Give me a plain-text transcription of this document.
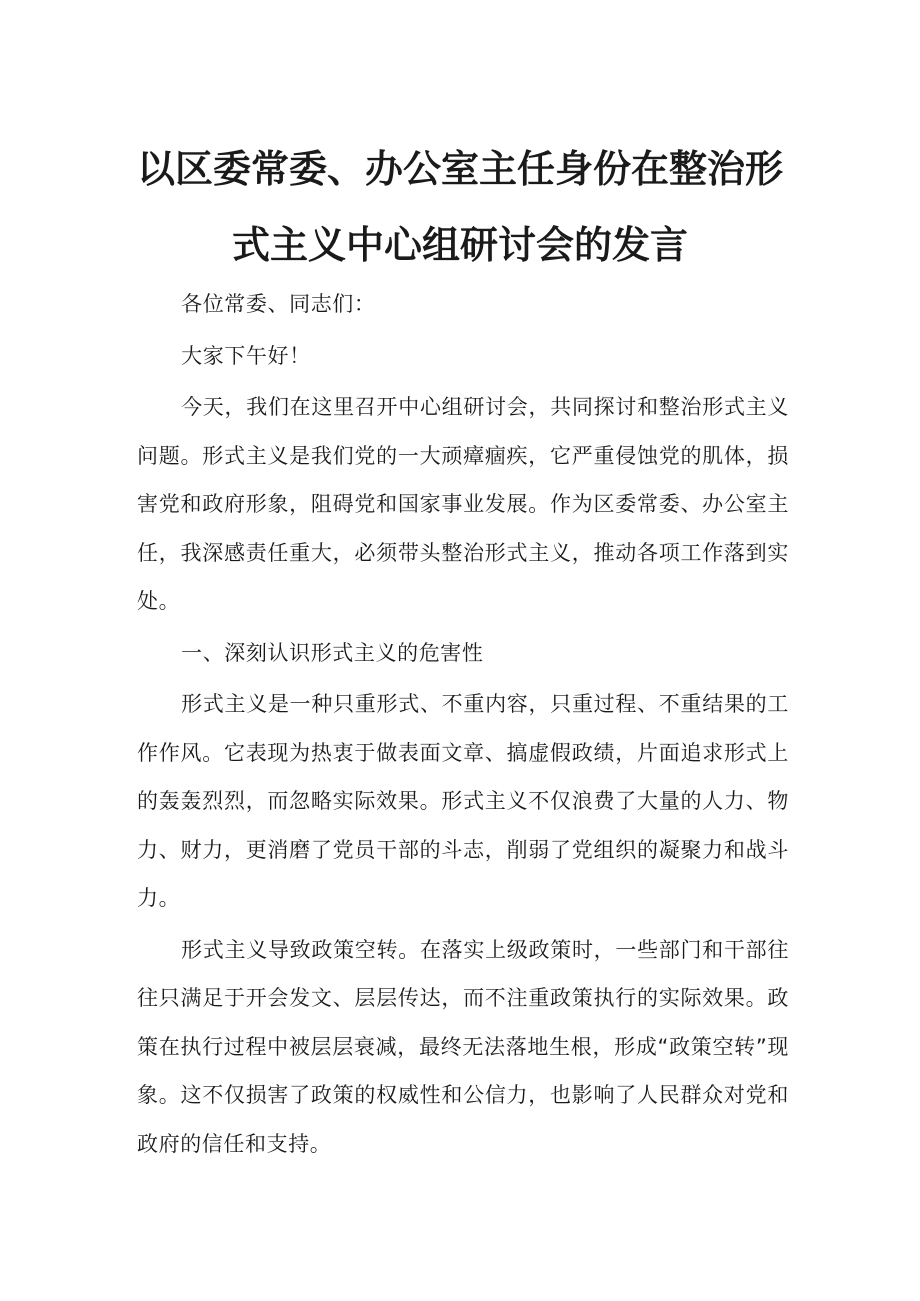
以区委常委、办公室主任身份在整治形
式主义中心组研讨会的发言

各位常委、同志们：

大家下午好！

今天，我们在这里召开中心组研讨会，共同探讨和整治形式主义问题。形式主义是我们党的一大顽瘴痼疾，它严重侵蚀党的肌体，损害党和政府形象，阻碍党和国家事业发展。作为区委常委、办公室主任，我深感责任重大，必须带头整治形式主义，推动各项工作落到实处。

一、深刻认识形式主义的危害性

形式主义是一种只重形式、不重内容，只重过程、不重结果的工作作风。它表现为热衷于做表面文章、搞虚假政绩，片面追求形式上的轰轰烈烈，而忽略实际效果。形式主义不仅浪费了大量的人力、物力、财力，更消磨了党员干部的斗志，削弱了党组织的凝聚力和战斗力。

形式主义导致政策空转。在落实上级政策时，一些部门和干部往往只满足于开会发文、层层传达，而不注重政策执行的实际效果。政策在执行过程中被层层衰减，最终无法落地生根，形成“政策空转”现象。这不仅损害了政策的权威性和公信力，也影响了人民群众对党和政府的信任和支持。
